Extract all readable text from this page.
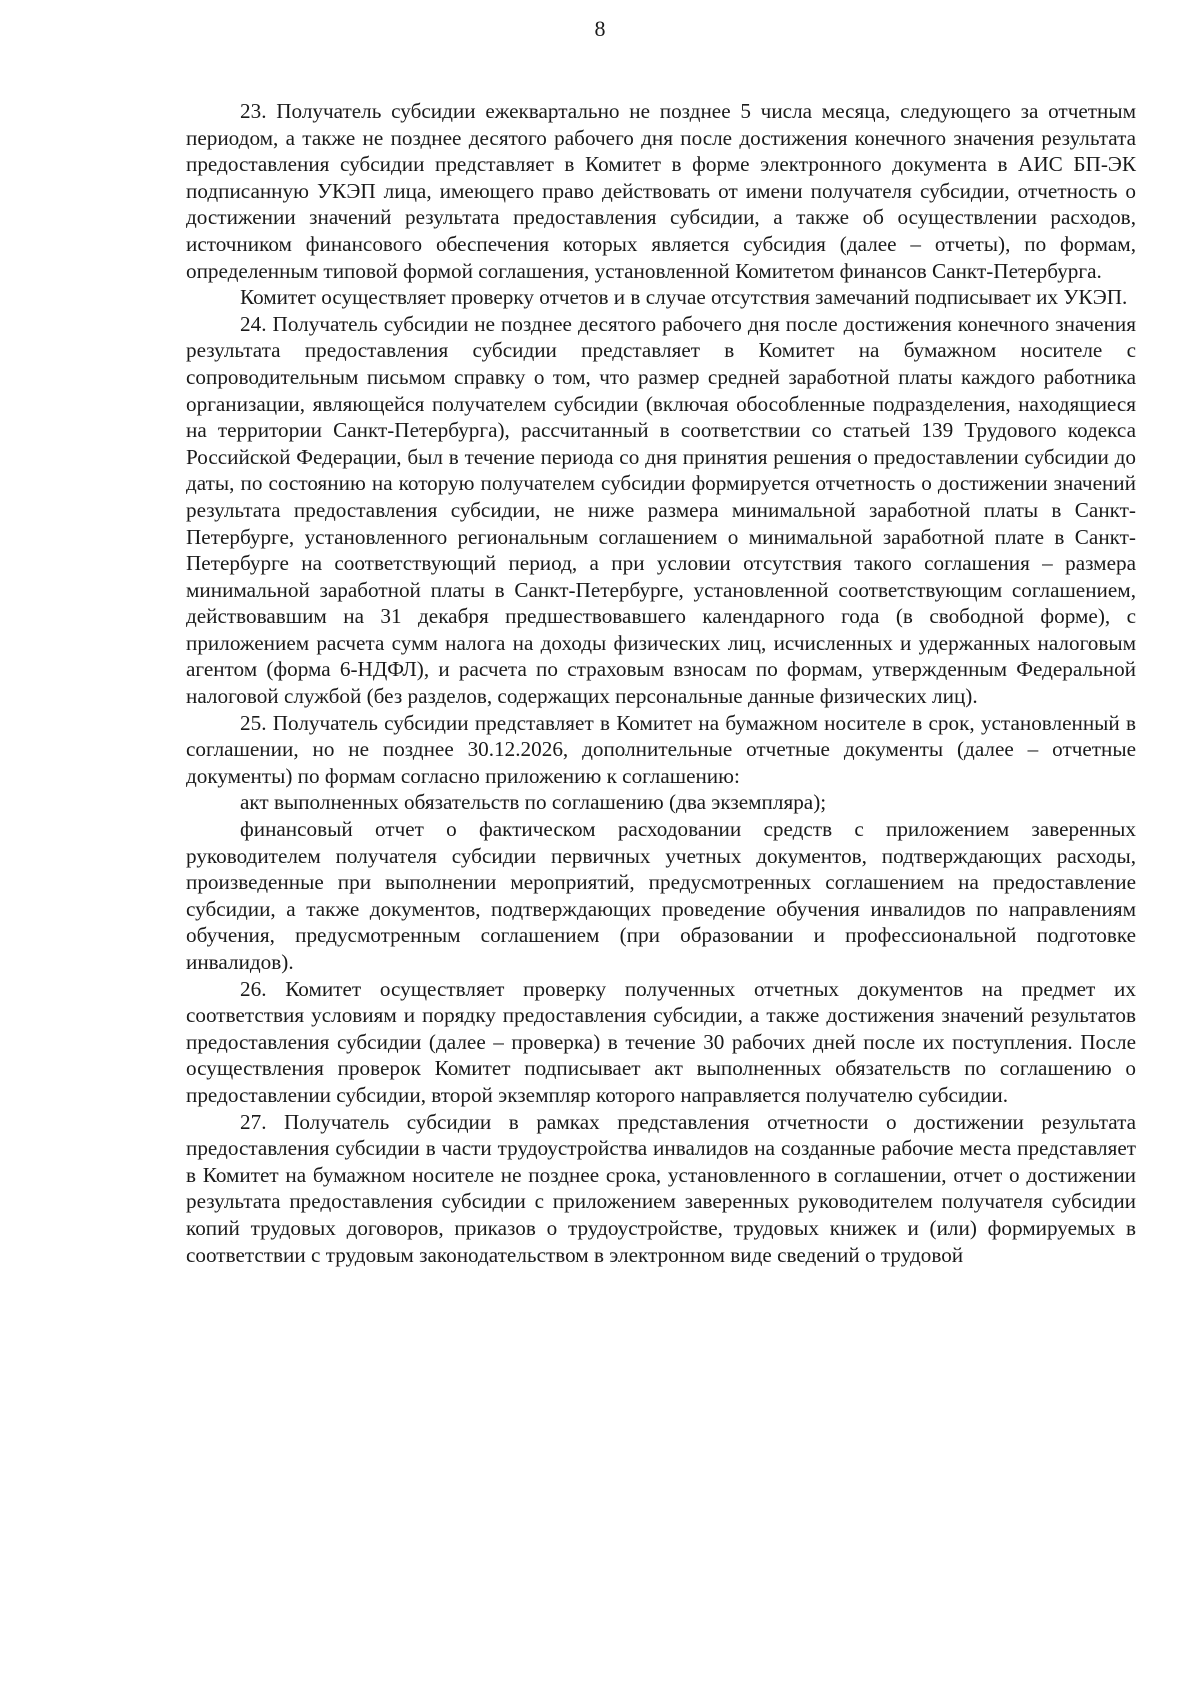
8

23. Получатель субсидии ежеквартально не позднее 5 числа месяца, следующего за отчетным периодом, а также не позднее десятого рабочего дня после достижения конечного значения результата предоставления субсидии представляет в Комитет в форме электронного документа в АИС БП-ЭК подписанную УКЭП лица, имеющего право действовать от имени получателя субсидии, отчетность о достижении значений результата предоставления субсидии, а также об осуществлении расходов, источником финансового обеспечения которых является субсидия (далее – отчеты), по формам, определенным типовой формой соглашения, установленной Комитетом финансов Санкт-Петербурга.

Комитет осуществляет проверку отчетов и в случае отсутствия замечаний подписывает их УКЭП.

24. Получатель субсидии не позднее десятого рабочего дня после достижения конечного значения результата предоставления субсидии представляет в Комитет на бумажном носителе с сопроводительным письмом справку о том, что размер средней заработной платы каждого работника организации, являющейся получателем субсидии (включая обособленные подразделения, находящиеся на территории Санкт-Петербурга), рассчитанный в соответствии со статьей 139 Трудового кодекса Российской Федерации, был в течение периода со дня принятия решения о предоставлении субсидии до даты, по состоянию на которую получателем субсидии формируется отчетность о достижении значений результата предоставления субсидии, не ниже размера минимальной заработной платы в Санкт-Петербурге, установленного региональным соглашением о минимальной заработной плате в Санкт-Петербурге на соответствующий период, а при условии отсутствия такого соглашения – размера минимальной заработной платы в Санкт-Петербурге, установленной соответствующим соглашением, действовавшим на 31 декабря предшествовавшего календарного года (в свободной форме), с приложением расчета сумм налога на доходы физических лиц, исчисленных и удержанных налоговым агентом (форма 6-НДФЛ), и расчета по страховым взносам по формам, утвержденным Федеральной налоговой службой (без разделов, содержащих персональные данные физических лиц).

25. Получатель субсидии представляет в Комитет на бумажном носителе в срок, установленный в соглашении, но не позднее 30.12.2026, дополнительные отчетные документы (далее – отчетные документы) по формам согласно приложению к соглашению:

акт выполненных обязательств по соглашению (два экземпляра);

финансовый отчет о фактическом расходовании средств с приложением заверенных руководителем получателя субсидии первичных учетных документов, подтверждающих расходы, произведенные при выполнении мероприятий, предусмотренных соглашением на предоставление субсидии, а также документов, подтверждающих проведение обучения инвалидов по направлениям обучения, предусмотренным соглашением (при образовании и профессиональной подготовке инвалидов).

26. Комитет осуществляет проверку полученных отчетных документов на предмет их соответствия условиям и порядку предоставления субсидии, а также достижения значений результатов предоставления субсидии (далее – проверка) в течение 30 рабочих дней после их поступления. После осуществления проверок Комитет подписывает акт выполненных обязательств по соглашению о предоставлении субсидии, второй экземпляр которого направляется получателю субсидии.

27. Получатель субсидии в рамках представления отчетности о достижении результата предоставления субсидии в части трудоустройства инвалидов на созданные рабочие места представляет в Комитет на бумажном носителе не позднее срока, установленного в соглашении, отчет о достижении результата предоставления субсидии с приложением заверенных руководителем получателя субсидии копий трудовых договоров, приказов о трудоустройстве, трудовых книжек и (или) формируемых в соответствии с трудовым законодательством в электронном виде сведений о трудовой
